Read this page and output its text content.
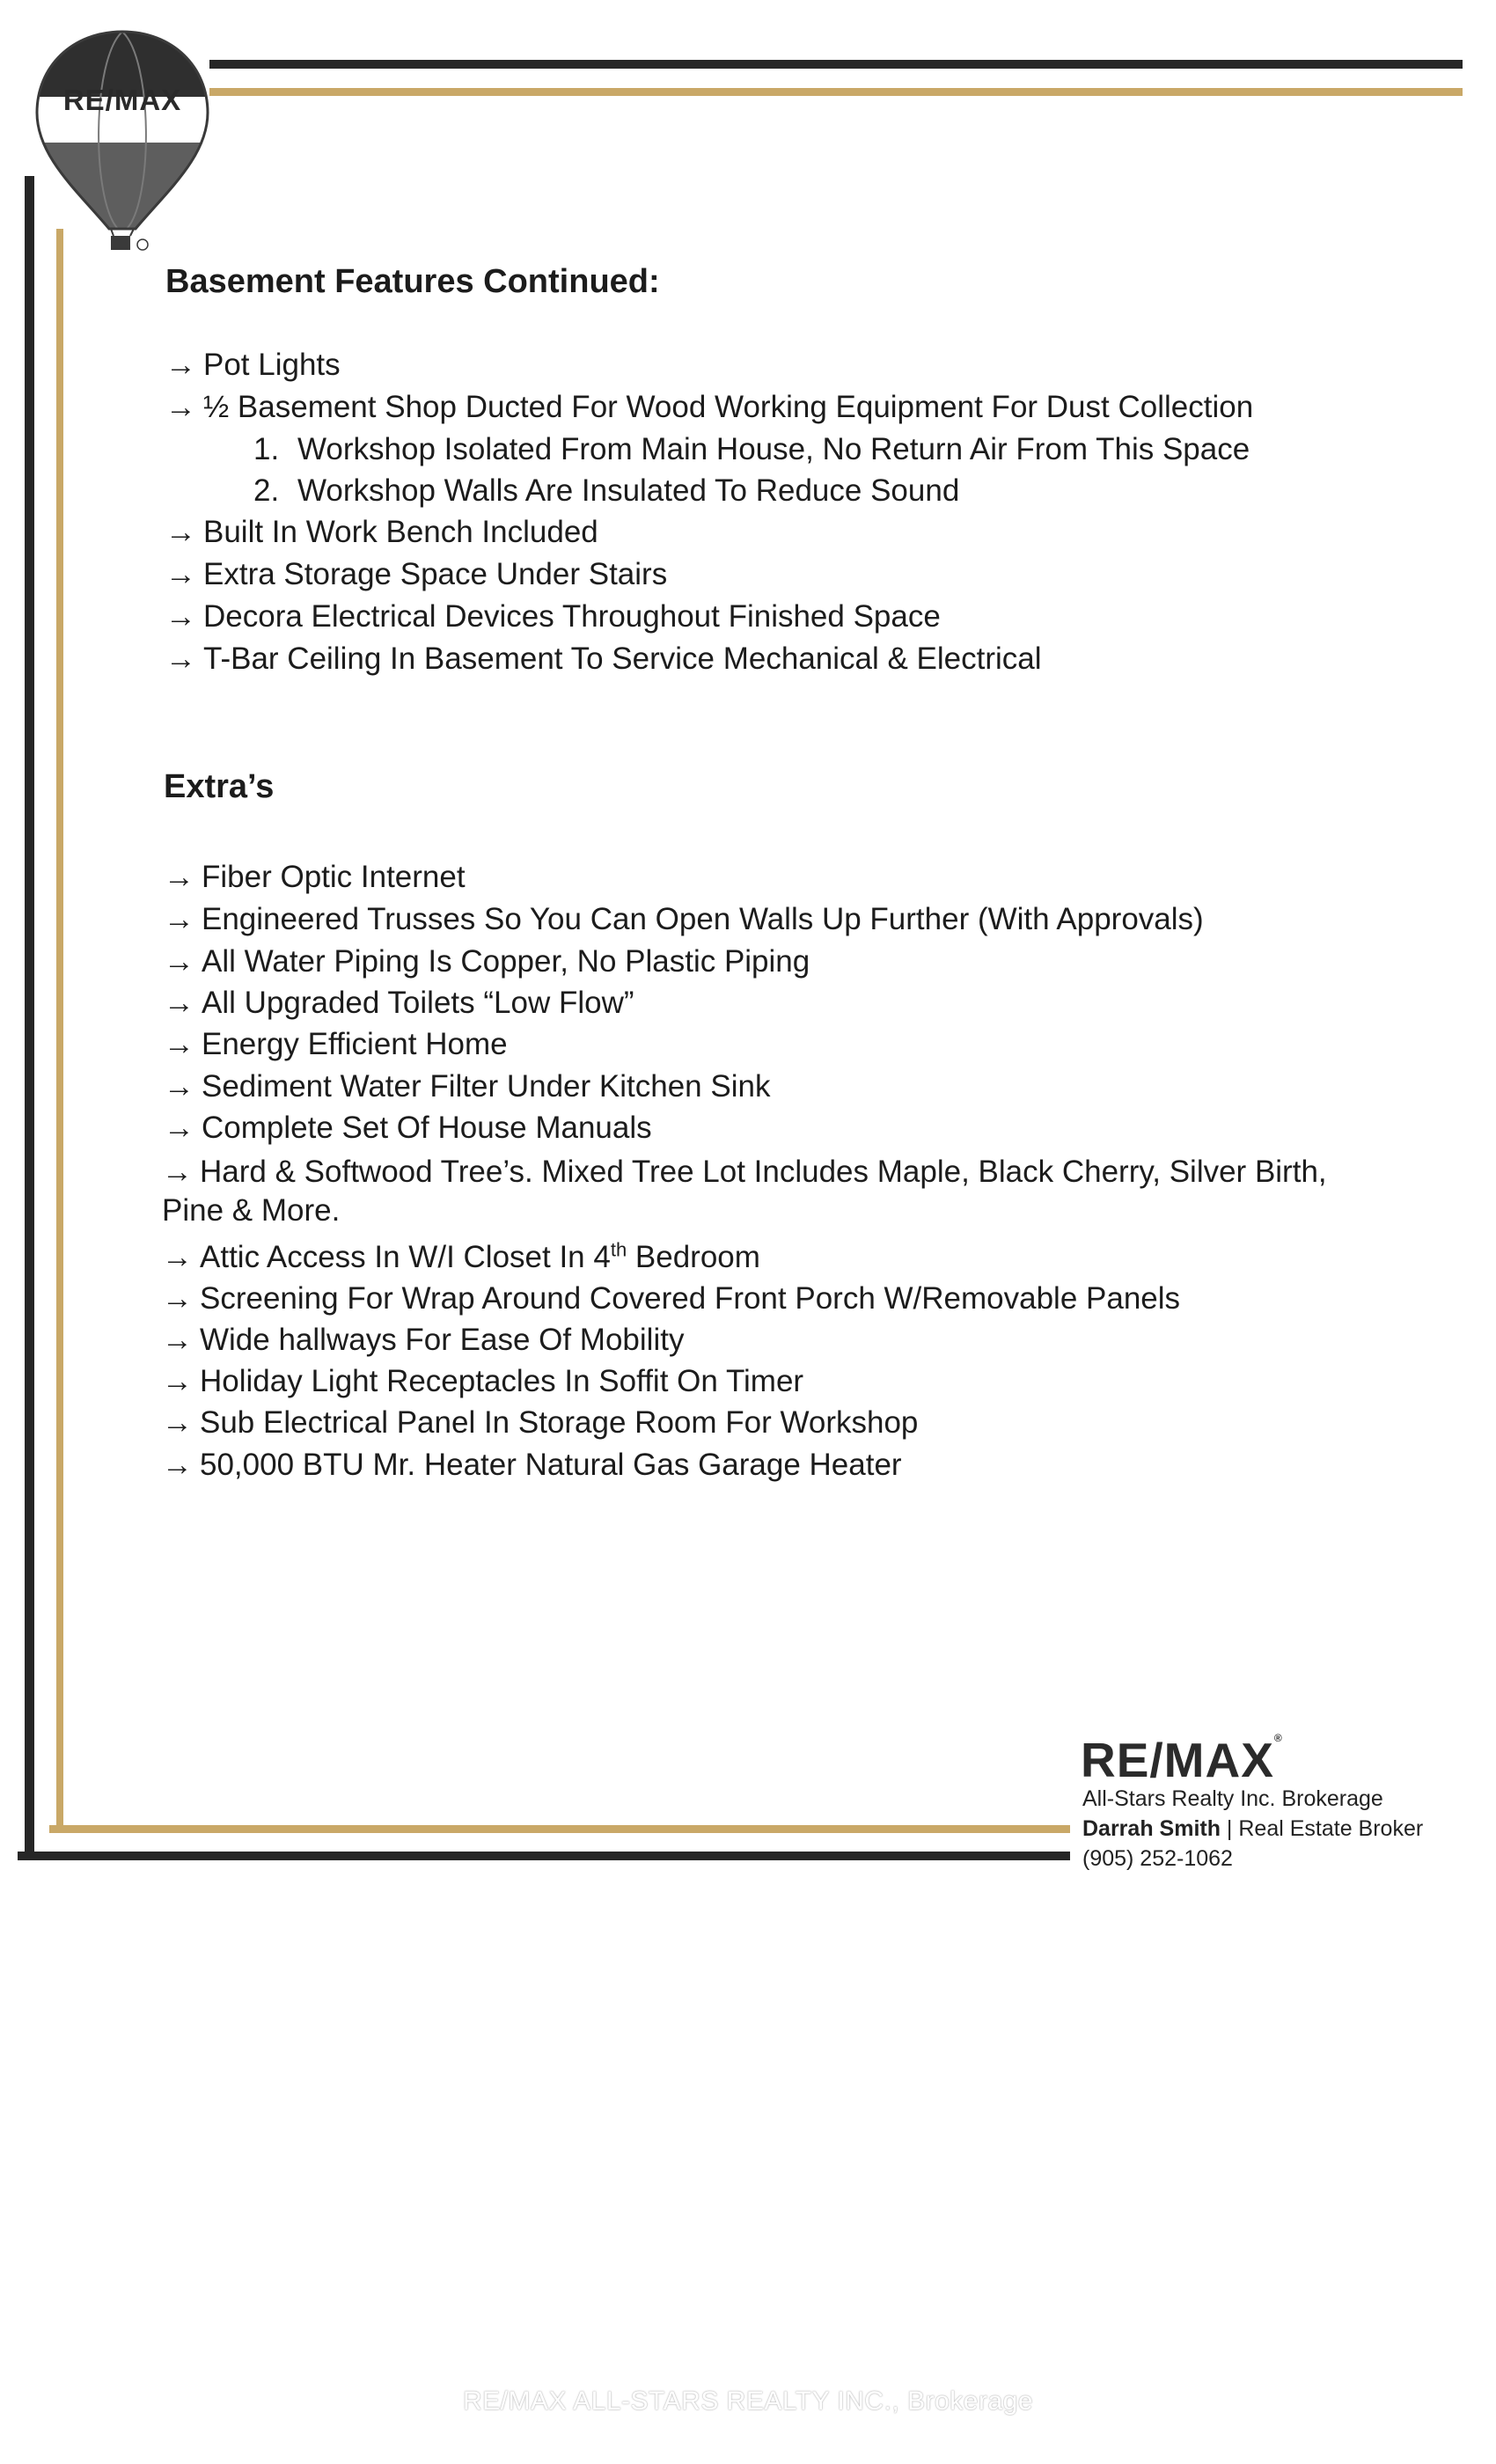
RE/MAX
Basement Features Continued:

→ Pot Lights

→ ½ Basement Shop Ducted For Wood Working Equipment For Dust Collection

1. Workshop Isolated From Main House, No Return Air From This Space

2. Workshop Walls Are Insulated To Reduce Sound

→ Built In Work Bench Included

→ Extra Storage Space Under Stairs

→ Decora Electrical Devices Throughout Finished Space

→ T-Bar Ceiling In Basement To Service Mechanical & Electrical

Extra’s

→ Fiber Optic Internet

→ Engineered Trusses So You Can Open Walls Up Further (With Approvals)

→ All Water Piping Is Copper, No Plastic Piping

→ All Upgraded Toilets “Low Flow”

→ Energy Efficient Home

→ Sediment Water Filter Under Kitchen Sink

→ Complete Set Of House Manuals

→ Hard & Softwood Tree’s. Mixed Tree Lot Includes Maple, Black Cherry, Silver Birth, Pine & More.

→ Attic Access In W/I Closet In 4th Bedroom

→ Screening For Wrap Around Covered Front Porch W/Removable Panels

→ Wide hallways For Ease Of Mobility

→ Holiday Light Receptacles In Soffit On Timer

→ Sub Electrical Panel In Storage Room For Workshop

→ 50,000 BTU Mr. Heater Natural Gas Garage Heater

RE/MAX®
All-Stars Realty Inc. Brokerage
Darrah Smith | Real Estate Broker
(905) 252-1062
RE/MAX ALL-STARS REALTY INC., Brokerage
